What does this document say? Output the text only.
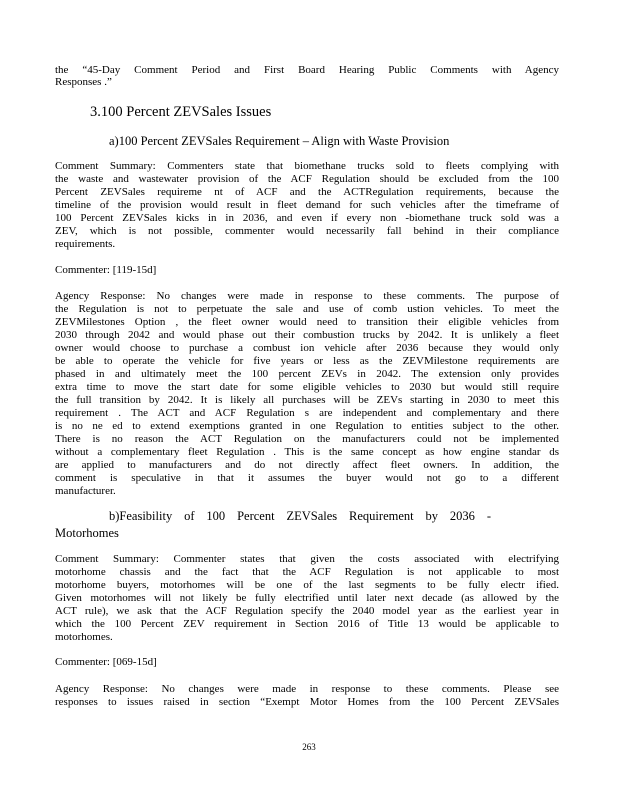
the “45-Day Comment Period and First Board Hearing Public Comments with Agency
Responses .”
3.100 Percent ZEVSales Issues
a)100 Percent ZEVSales Requirement – Align with Waste Provision
Comment Summary: Commenters state that biomethane trucks sold to fleets complying with
the waste and wastewater provision of the ACF Regulation should be excluded from the 100
Percent ZEVSales requireme nt of ACF and the ACTRegulation requirements, because the
timeline of the provision would result in fleet demand for such vehicles after the timeframe of
100 Percent ZEVSales kicks in in 2036, and even if every non -biomethane truck sold was a
ZEV, which is not possible, commenter would necessarily fall behind in their compliance
requirements.
Commenter: [119-15d]
Agency Response: No changes were made in response to these comments. The purpose of
the Regulation is not to perpetuate the sale and use of comb ustion vehicles. To meet the
ZEVMilestones Option , the fleet owner would need to transition their eligible vehicles from
2030 through 2042 and would phase out their combustion trucks by 2042. It is unlikely a fleet
owner would choose to purchase a combust ion vehicle after 2036 because they would only
be able to operate the vehicle for five years or less as the ZEVMilestone requirements are
phased in and ultimately meet the 100 percent ZEVs in 2042. The extension only provides
extra time to move the start date for some eligible vehicles to 2030 but would still require
the full transition by 2042. It is likely all purchases will be ZEVs starting in 2030 to meet this
requirement . The ACT and ACF Regulation s are independent and complementary and there
is no ne ed to extend exemptions granted in one Regulation to entities subject to the other.
There is no reason the ACT Regulation on the manufacturers could not be implemented
without a complementary fleet Regulation . This is the same concept as how engine standar ds
are applied to manufacturers and do not directly affect fleet owners. In addition, the
comment is speculative in that it assumes the buyer would not go to a different
manufacturer.
b)Feasibility of 100 Percent ZEVSales Requirement by 2036 -
Motorhomes
Comment Summary: Commenter states that given the costs associated with electrifying
motorhome chassis and the fact that the ACF Regulation is not applicable to most
motorhome buyers, motorhomes will be one of the last segments to be fully electr ified.
Given motorhomes will not likely be fully electrified until later next decade (as allowed by the
ACT rule), we ask that the ACF Regulation specify the 2040 model year as the earliest year in
which the 100 Percent ZEV requirement in Section 2016 of Title 13 would be applicable to
motorhomes.
Commenter: [069-15d]
Agency Response: No changes were made in response to these comments. Please see
responses to issues raised in section “Exempt Motor Homes from the 100 Percent ZEVSales
263
